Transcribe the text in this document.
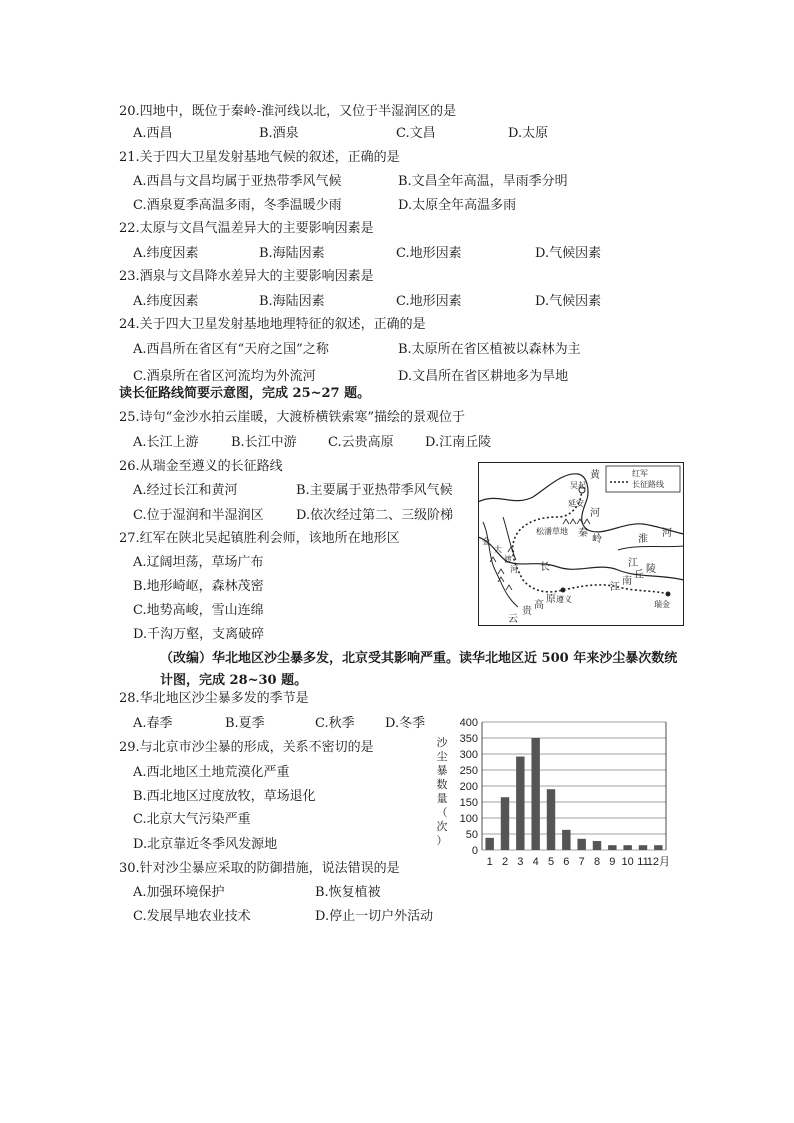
20.四地中，既位于秦岭-淮河线以北，又位于半湿润区的是
A.西昌	B.酒泉	C.文昌	D.太原
21.关于四大卫星发射基地气候的叙述，正确的是
A.西昌与文昌均属于亚热带季风气候	B.文昌全年高温，旱雨季分明
C.酒泉夏季高温多雨，冬季温暖少雨	D.太原全年高温多雨
22.太原与文昌气温差异大的主要影响因素是
A.纬度因素	B.海陆因素	C.地形因素	D.气候因素
23.酒泉与文昌降水差异大的主要影响因素是
A.纬度因素	B.海陆因素	C.地形因素	D.气候因素
24.关于四大卫星发射基地地理特征的叙述，正确的是
A.西昌所在省区有“天府之国”之称	B.太原所在省区植被以森林为主
C.酒泉所在省区河流均为外流河	D.文昌所在省区耕地多为旱地
读长征路线简要示意图，完成 25~27 题。
25.诗句“金沙水拍云崖暖，大渡桥横铁索寒”描绘的景观位于
A.长江上游 B.长江中游 C.云贵高原 D.江南丘陵
26.从瑞金至遵义的长征路线
A.经过长江和黄河	B.主要属于亚热带季风气候
C.位于湿润和半湿润区 D.依次经过第二、三级阶梯
27.红军在陕北吴起镇胜利会师，该地所在地形区
A.辽阔坦荡，草场广布
B.地形崎岖，森林茂密
C.地势高峻，雪山连绵
D.千沟万壑，支离破碎
红军
长征路线
黄
吴起
延安
河
松潘草地 秦
岭	淮
河
金
大
渡
河 长	江
遵义
江
南
丘
陵
瑞金
云
贵
高
原
（改编）华北地区沙尘暴多发，北京受其影响严重。读华北地区近 500 年来沙尘暴次数统计图，完成 28~30 题。
28.华北地区沙尘暴多发的季节是
A.春季	B.夏季	C.秋季 D.冬季
29.与北京市沙尘暴的形成，关系不密切的是
A.西北地区土地荒漠化严重
B.西北地区过度放牧，草场退化
C.北京大气污染严重
D.北京靠近冬季风发源地
30.针对沙尘暴应采取的防御措施，说法错误的是
A.加强环境保护	B.恢复植被
C.发展旱地农业技术	D.停止一切户外活动
0
50
100
150
200
250
300
350
400
1 2 3 4 5 6 7 8 9 10 11
12月
沙
尘
暴
数
量
（
次
）
